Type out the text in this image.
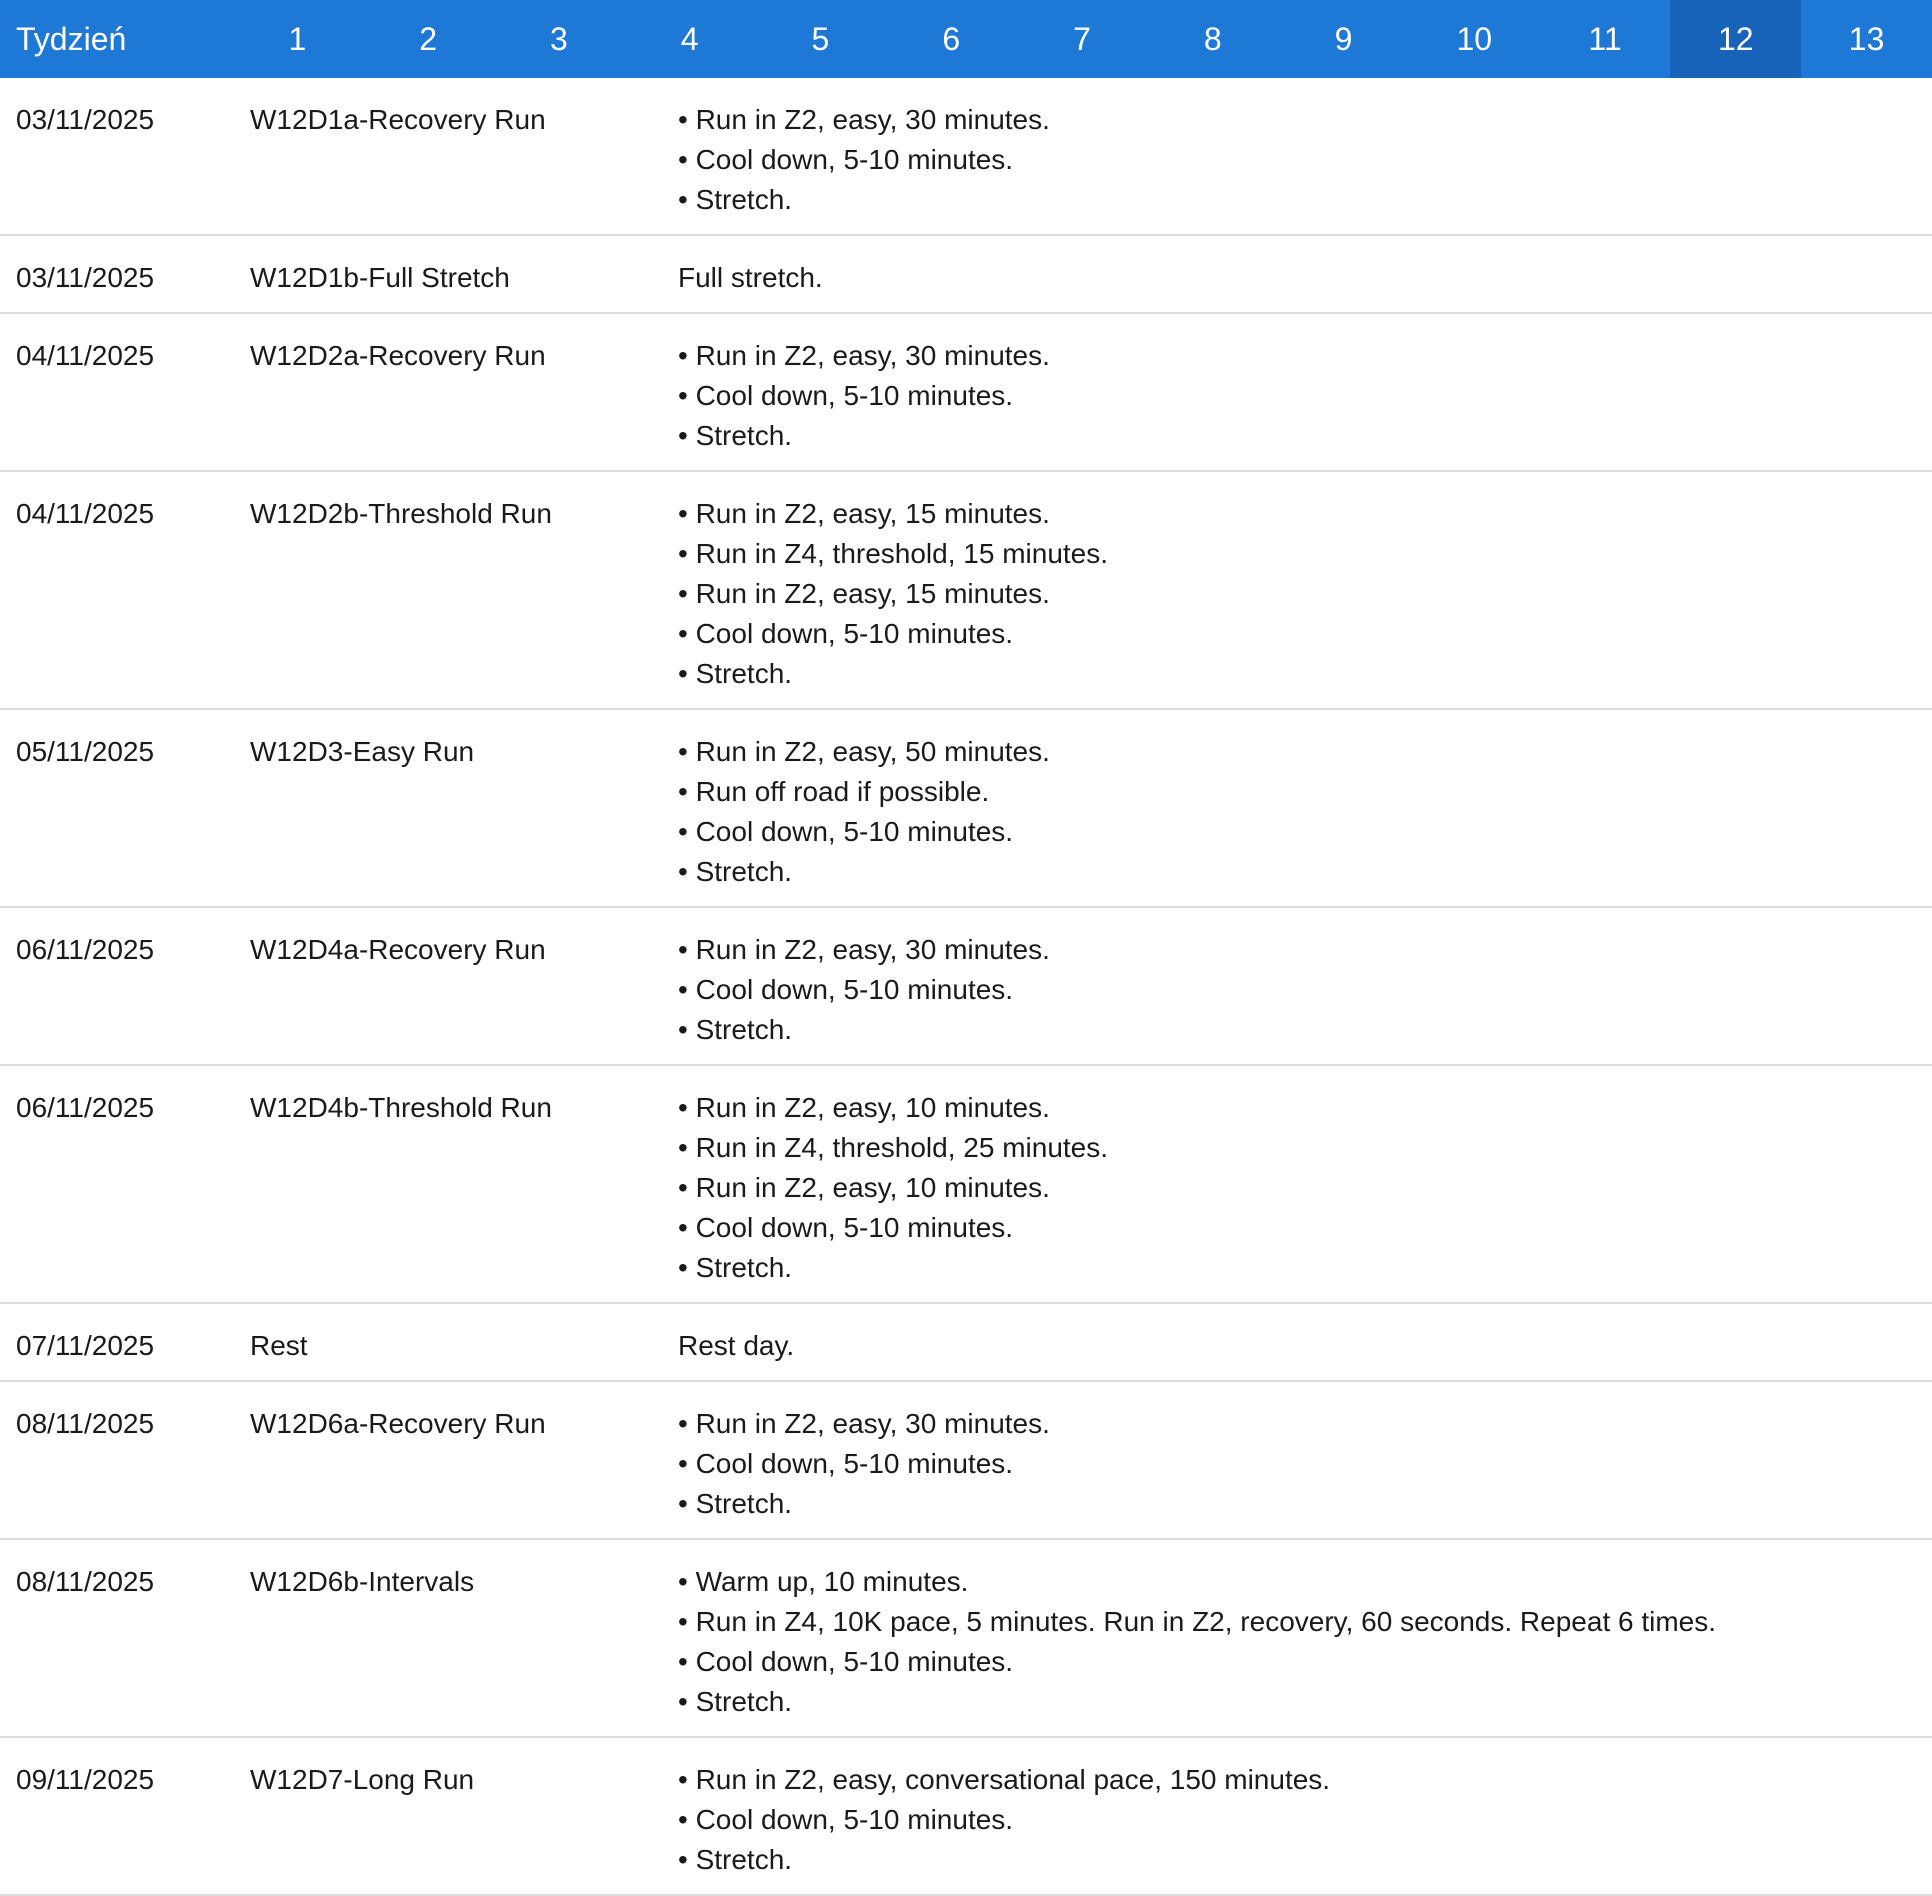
Tydzień	1	2	3	4	5	6	7	8	9	10	11	12	13
03/11/2025	W12D1a-Recovery Run	• Run in Z2, easy, 30 minutes.
• Cool down, 5-10 minutes.
• Stretch.
03/11/2025	W12D1b-Full Stretch	Full stretch.
04/11/2025	W12D2a-Recovery Run	• Run in Z2, easy, 30 minutes.
• Cool down, 5-10 minutes.
• Stretch.
04/11/2025	W12D2b-Threshold Run	• Run in Z2, easy, 15 minutes.
• Run in Z4, threshold, 15 minutes.
• Run in Z2, easy, 15 minutes.
• Cool down, 5-10 minutes.
• Stretch.
05/11/2025	W12D3-Easy Run	• Run in Z2, easy, 50 minutes.
• Run off road if possible.
• Cool down, 5-10 minutes.
• Stretch.
06/11/2025	W12D4a-Recovery Run	• Run in Z2, easy, 30 minutes.
• Cool down, 5-10 minutes.
• Stretch.
06/11/2025	W12D4b-Threshold Run	• Run in Z2, easy, 10 minutes.
• Run in Z4, threshold, 25 minutes.
• Run in Z2, easy, 10 minutes.
• Cool down, 5-10 minutes.
• Stretch.
07/11/2025	Rest	Rest day.
08/11/2025	W12D6a-Recovery Run	• Run in Z2, easy, 30 minutes.
• Cool down, 5-10 minutes.
• Stretch.
08/11/2025	W12D6b-Intervals	• Warm up, 10 minutes.
• Run in Z4, 10K pace, 5 minutes. Run in Z2, recovery, 60 seconds. Repeat 6 times.
• Cool down, 5-10 minutes.
• Stretch.
09/11/2025	W12D7-Long Run	• Run in Z2, easy, conversational pace, 150 minutes.
• Cool down, 5-10 minutes.
• Stretch.
